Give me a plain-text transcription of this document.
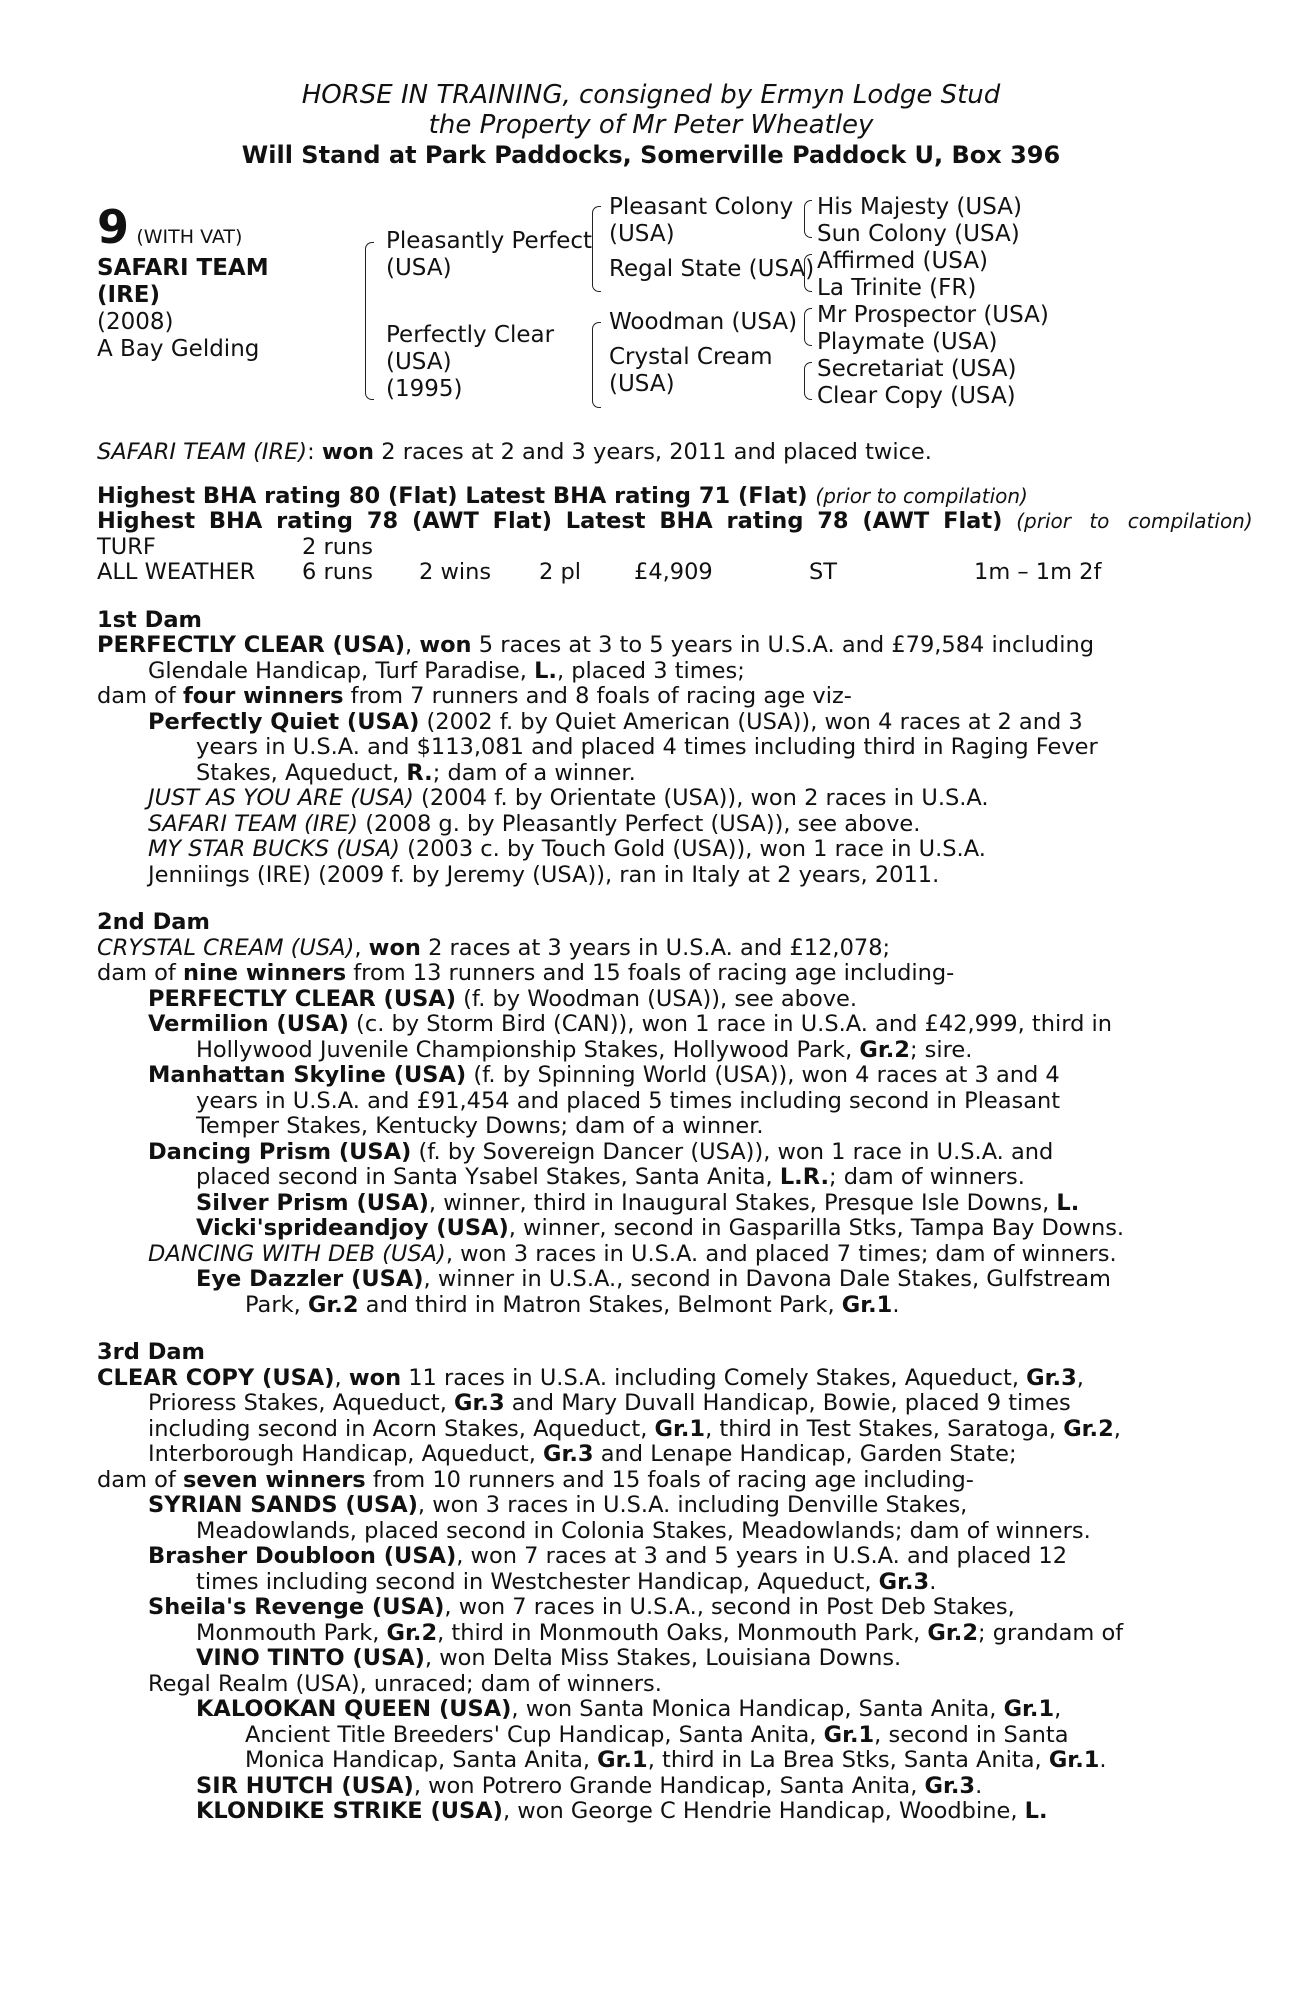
HORSE IN TRAINING, consigned by Ermyn Lodge Stud
the Property of Mr Peter Wheatley
Will Stand at Park Paddocks, Somerville Paddock U, Box 396
9 (WITH VAT)
SAFARI TEAM
(IRE)
(2008)
A Bay Gelding
Pleasantly Perfect
(USA)
Perfectly Clear
(USA)
(1995)
Pleasant Colony
(USA)
Regal State (USA)
Woodman (USA)
Crystal Cream
(USA)
His Majesty (USA)
Sun Colony (USA)
Affirmed (USA)
La Trinite (FR)
Mr Prospector (USA)
Playmate (USA)
Secretariat (USA)
Clear Copy (USA)
SAFARI TEAM (IRE): won 2 races at 2 and 3 years, 2011 and placed twice.
Highest BHA rating 80 (Flat) Latest BHA rating 71 (Flat) (prior to compilation)
Highest BHA rating 78 (AWT Flat) Latest BHA rating 78 (AWT Flat) (prior to compilation)
TURF	2 runs
ALL WEATHER	6 runs	2 wins	2 pl	£4,909	ST	1m – 1m 2f
1st Dam
PERFECTLY CLEAR (USA), won 5 races at 3 to 5 years in U.S.A. and £79,584 including
Glendale Handicap, Turf Paradise, L., placed 3 times;
dam of four winners from 7 runners and 8 foals of racing age viz-
Perfectly Quiet (USA) (2002 f. by Quiet American (USA)), won 4 races at 2 and 3
years in U.S.A. and $113,081 and placed 4 times including third in Raging Fever
Stakes, Aqueduct, R.; dam of a winner.
JUST AS YOU ARE (USA) (2004 f. by Orientate (USA)), won 2 races in U.S.A.
SAFARI TEAM (IRE) (2008 g. by Pleasantly Perfect (USA)), see above.
MY STAR BUCKS (USA) (2003 c. by Touch Gold (USA)), won 1 race in U.S.A.
Jenniings (IRE) (2009 f. by Jeremy (USA)), ran in Italy at 2 years, 2011.
2nd Dam
CRYSTAL CREAM (USA), won 2 races at 3 years in U.S.A. and £12,078;
dam of nine winners from 13 runners and 15 foals of racing age including-
PERFECTLY CLEAR (USA) (f. by Woodman (USA)), see above.
Vermilion (USA) (c. by Storm Bird (CAN)), won 1 race in U.S.A. and £42,999, third in
Hollywood Juvenile Championship Stakes, Hollywood Park, Gr.2; sire.
Manhattan Skyline (USA) (f. by Spinning World (USA)), won 4 races at 3 and 4
years in U.S.A. and £91,454 and placed 5 times including second in Pleasant
Temper Stakes, Kentucky Downs; dam of a winner.
Dancing Prism (USA) (f. by Sovereign Dancer (USA)), won 1 race in U.S.A. and
placed second in Santa Ysabel Stakes, Santa Anita, L.R.; dam of winners.
Silver Prism (USA), winner, third in Inaugural Stakes, Presque Isle Downs, L.
Vicki'sprideandjoy (USA), winner, second in Gasparilla Stks, Tampa Bay Downs.
DANCING WITH DEB (USA), won 3 races in U.S.A. and placed 7 times; dam of winners.
Eye Dazzler (USA), winner in U.S.A., second in Davona Dale Stakes, Gulfstream
Park, Gr.2 and third in Matron Stakes, Belmont Park, Gr.1.
3rd Dam
CLEAR COPY (USA), won 11 races in U.S.A. including Comely Stakes, Aqueduct, Gr.3,
Prioress Stakes, Aqueduct, Gr.3 and Mary Duvall Handicap, Bowie, placed 9 times
including second in Acorn Stakes, Aqueduct, Gr.1, third in Test Stakes, Saratoga, Gr.2,
Interborough Handicap, Aqueduct, Gr.3 and Lenape Handicap, Garden State;
dam of seven winners from 10 runners and 15 foals of racing age including-
SYRIAN SANDS (USA), won 3 races in U.S.A. including Denville Stakes,
Meadowlands, placed second in Colonia Stakes, Meadowlands; dam of winners.
Brasher Doubloon (USA), won 7 races at 3 and 5 years in U.S.A. and placed 12
times including second in Westchester Handicap, Aqueduct, Gr.3.
Sheila's Revenge (USA), won 7 races in U.S.A., second in Post Deb Stakes,
Monmouth Park, Gr.2, third in Monmouth Oaks, Monmouth Park, Gr.2; grandam of
VINO TINTO (USA), won Delta Miss Stakes, Louisiana Downs.
Regal Realm (USA), unraced; dam of winners.
KALOOKAN QUEEN (USA), won Santa Monica Handicap, Santa Anita, Gr.1,
Ancient Title Breeders' Cup Handicap, Santa Anita, Gr.1, second in Santa
Monica Handicap, Santa Anita, Gr.1, third in La Brea Stks, Santa Anita, Gr.1.
SIR HUTCH (USA), won Potrero Grande Handicap, Santa Anita, Gr.3.
KLONDIKE STRIKE (USA), won George C Hendrie Handicap, Woodbine, L.
